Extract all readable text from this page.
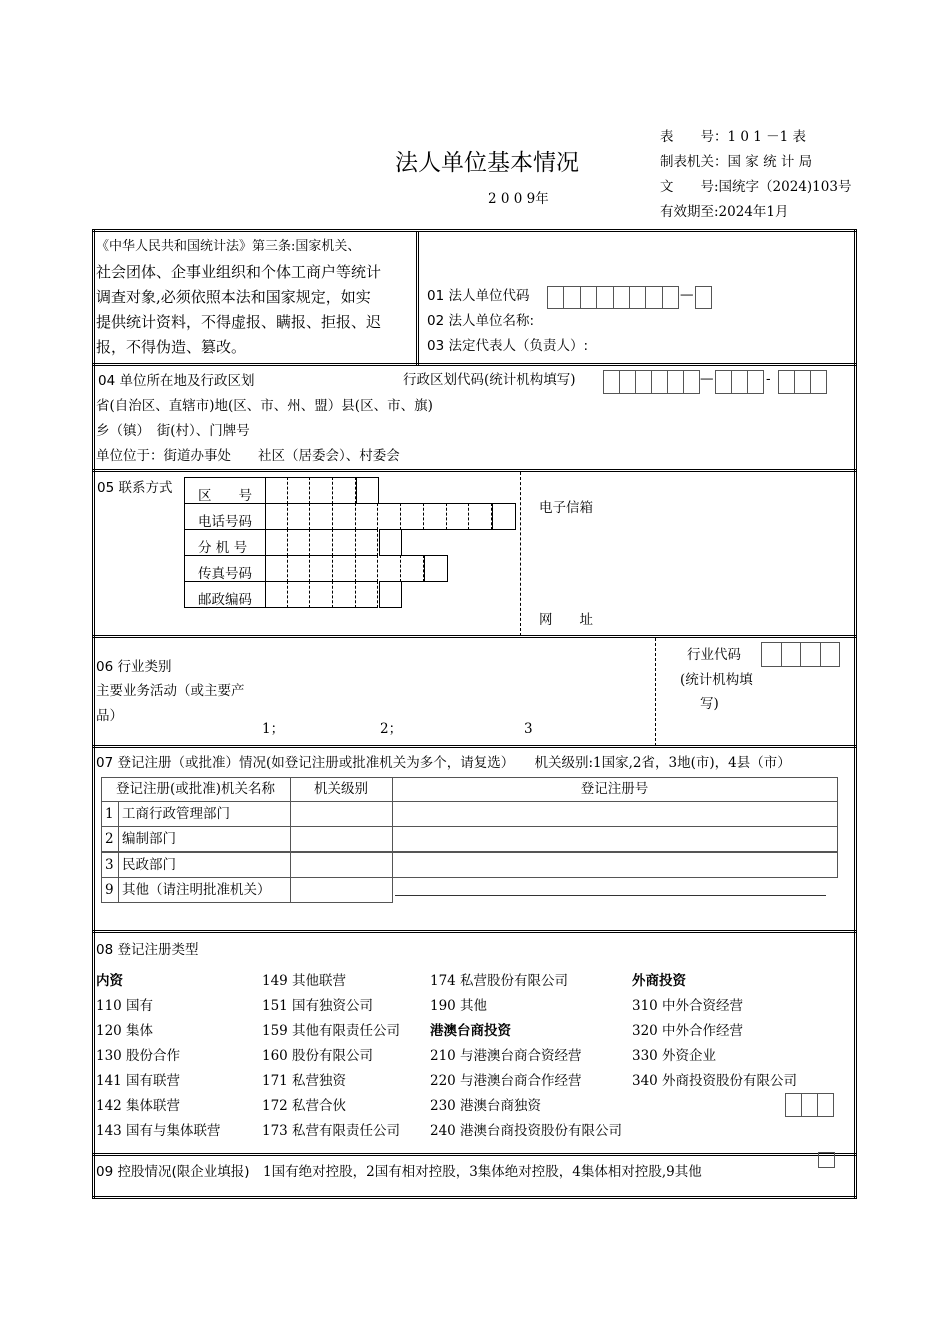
法人单位基本情况
2 0 0 9年
表　　号：1 0 1 －1 表
制表机关：国 家 统 计 局
文　　号:国统字（2024)103号
有效期至:2024年1月
01 法人单位代码	—
02 法人单位名称:
03 法定代表人（负责人）:
04 单位所在地及行政区划	行政区划代码(统计机构填写)	—	-
省(自治区、直辖市)地(区、市、州、盟）县(区、市、旗)
乡（镇）　街(村）、门牌号
单位位于：街道办事处　　社区（居委会）、村委会
05 联系方式
电子信箱
网　　址
06 行业类别
主要业务活动（或主要产
品）
1；	2；	3
行业代码
(统计机构填
写)
07 登记注册（或批准）情况(如登记注册或批准机关为多个，请复选）　　机关级别:1国家,2省，3地(市)，4县（市）
08 登记注册类型
09 控股情况(限企业填报)　 1国有绝对控股，2国有相对控股，3集体绝对控股，4集体相对控股,9其他
《中华人民共和国统计法》第三条:国家机关、
社会团体、企事业组织和个体工商户等统计
调查对象,必须依照本法和国家规定，如实
提供统计资料，不得虚报、瞒报、拒报、迟
报，不得伪造、篡改。
区　　号
电话号码
分 机 号
传真号码
邮政编码
登记注册(或批准)机关名称	机关级别	登记注册号
1 工商行政管理部门
2 编制部门
3 民政部门
9 其他（请注明批准机关）
内资
110 国有
120 集体
130 股份合作
141 国有联营
142 集体联营
143 国有与集体联营
149 其他联营
151 国有独资公司
159 其他有限责任公司
160 股份有限公司
171 私营独资
172 私营合伙
173 私营有限责任公司
174 私营股份有限公司
190 其他
港澳台商投资
210 与港澳台商合资经营
220 与港澳台商合作经营
230 港澳台商独资
240 港澳台商投资股份有限公司
外商投资
310 中外合资经营
320 中外合作经营
330 外资企业
340 外商投资股份有限公司
